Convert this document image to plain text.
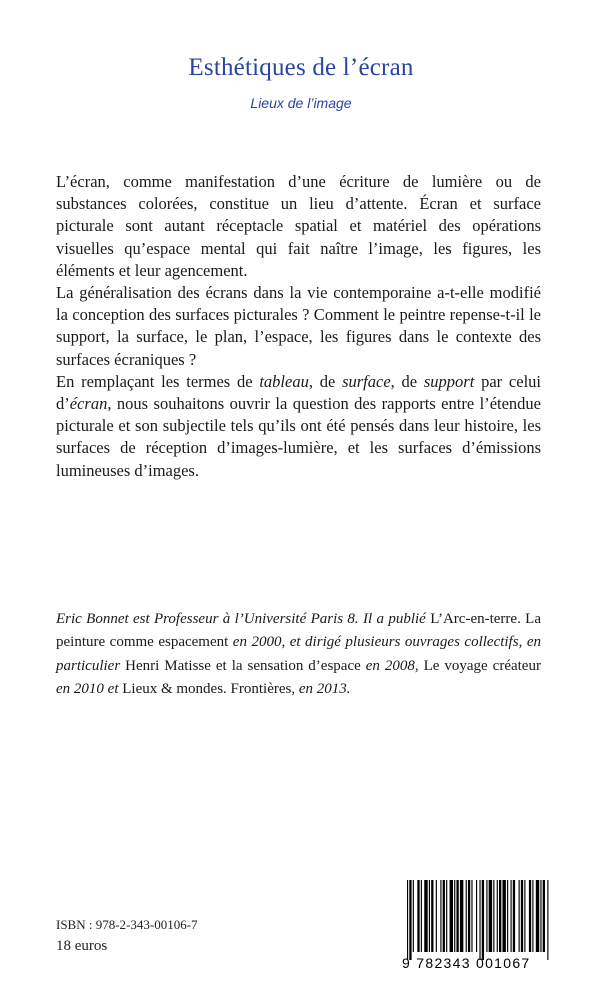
Esthétiques de l’écran
Lieux de l’image

L’écran, comme manifestation d’une écriture de lumière ou de substances colorées, constitue un lieu d’attente. Écran et surface picturale sont autant réceptacle spatial et matériel des opérations visuelles qu’espace mental qui fait naître l’image, les figures, les éléments et leur agencement.

La généralisation des écrans dans la vie contemporaine a-t-elle modifié la conception des surfaces picturales ? Comment le peintre repense-t-il le support, la surface, le plan, l’espace, les figures dans le contexte des surfaces écraniques ?

En remplaçant les termes de tableau, de surface, de support par celui d’écran, nous souhaitons ouvrir la question des rapports entre l’étendue picturale et son subjectile tels qu’ils ont été pensés dans leur histoire, les surfaces de réception d’images-lumière, et les surfaces d’émissions lumineuses d’images.

Eric Bonnet est Professeur à l’Université Paris 8. Il a publié L’Arc-en-terre. La peinture comme espacement en 2000, et dirigé plusieurs ouvrages collectifs, en particulier Henri Matisse et la sensation d’espace en 2008, Le voyage créateur en 2010 et Lieux & mondes. Frontières, en 2013.
ISBN : 978-2-343-00106-7
18 euros
9 782343 001067
